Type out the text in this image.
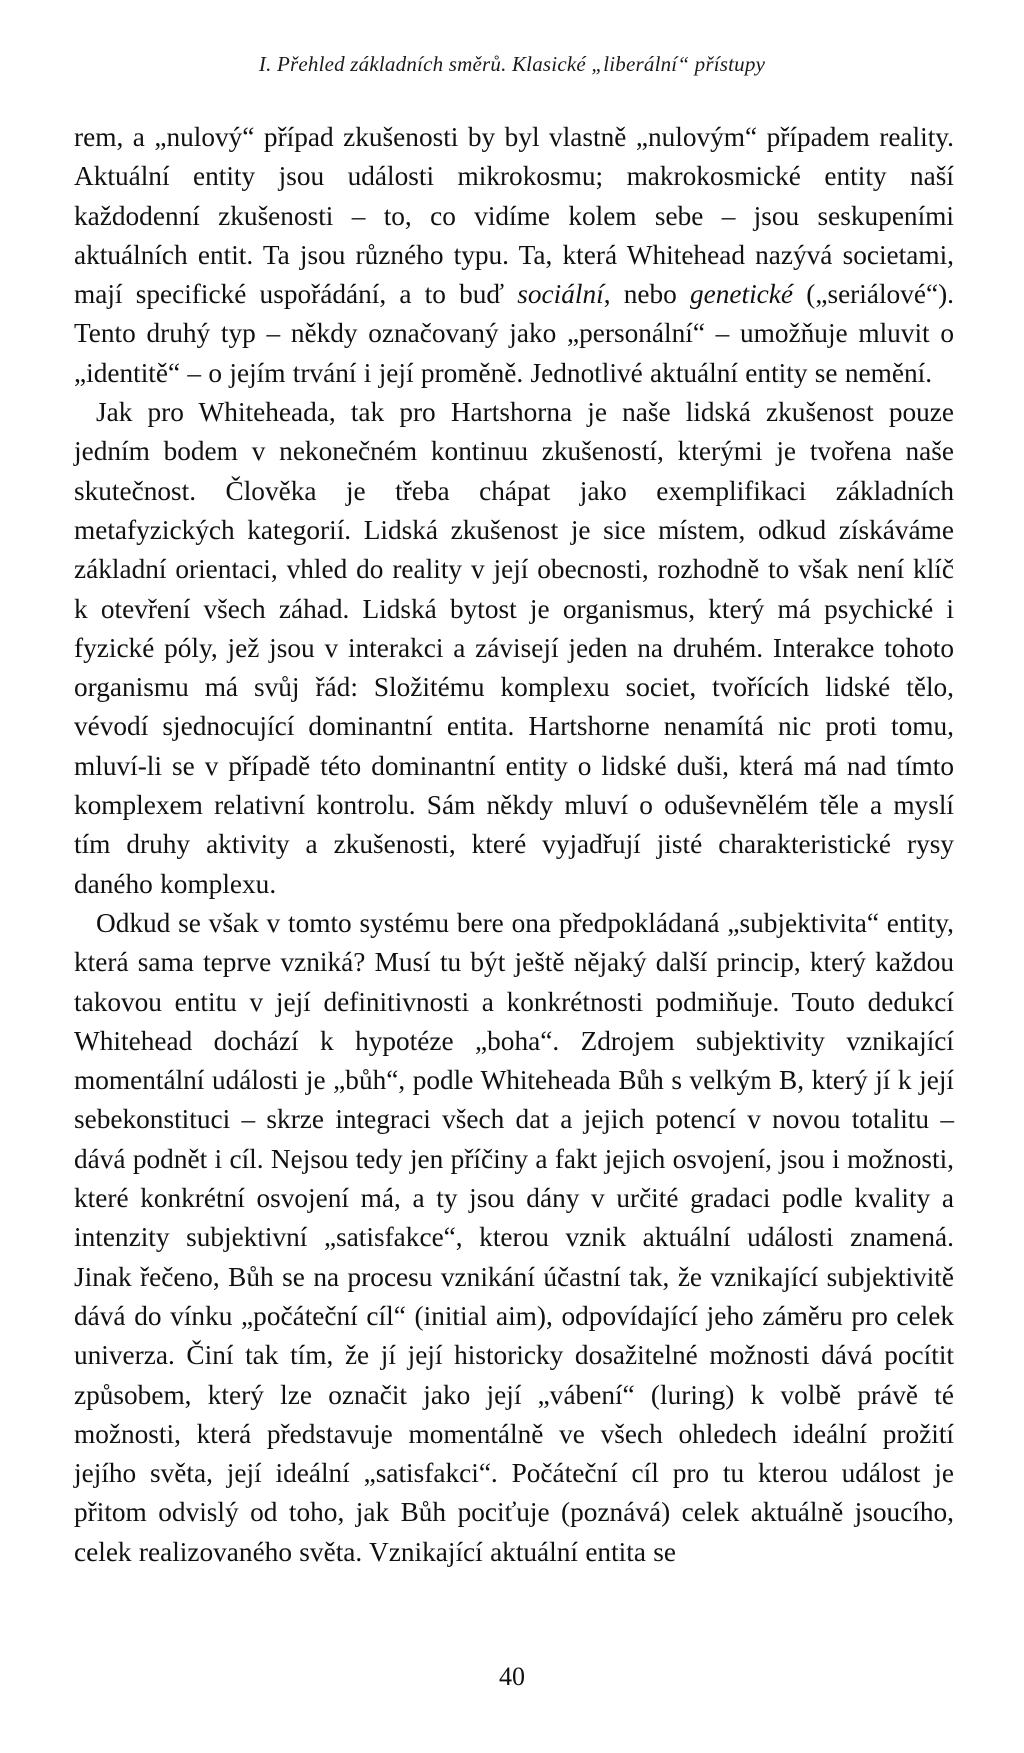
I. Přehled základních směrů. Klasické „liberální“ přístupy

rem, a „nulový“ případ zkušenosti by byl vlastně „nulovým“ případem reality. Aktuální entity jsou události mikrokosmu; makrokosmické entity naší každodenní zkušenosti – to, co vidíme kolem sebe – jsou seskupeními aktuálních entit. Ta jsou různého typu. Ta, která Whitehead nazývá societami, mají specifické uspořádání, a to buď sociální, nebo genetické („seriálové“). Tento druhý typ – někdy označovaný jako „personální“ – umožňuje mluvit o „identitě“ – o jejím trvání i její proměně. Jednotlivé aktuální entity se nemění.

Jak pro Whiteheada, tak pro Hartshorna je naše lidská zkušenost pouze jedním bodem v nekonečném kontinuu zkušeností, kterými je tvořena naše skutečnost. Člověka je třeba chápat jako exemplifikaci základních metafyzických kategorií. Lidská zkušenost je sice místem, odkud získáváme základní orientaci, vhled do reality v její obecnosti, rozhodně to však není klíč k otevření všech záhad. Lidská bytost je organismus, který má psychické i fyzické póly, jež jsou v interakci a závisejí jeden na druhém. Interakce tohoto organismu má svůj řád: Složitému komplexu societ, tvořících lidské tělo, vévodí sjednocující dominantní entita. Hartshorne nenamítá nic proti tomu, mluví-li se v případě této dominantní entity o lidské duši, která má nad tímto komplexem relativní kontrolu. Sám někdy mluví o oduševnělém těle a myslí tím druhy aktivity a zkušenosti, které vyjadřují jisté charakteristické rysy daného komplexu.

Odkud se však v tomto systému bere ona předpokládaná „subjektivita“ entity, která sama teprve vzniká? Musí tu být ještě nějaký další princip, který každou takovou entitu v její definitivnosti a konkrétnosti podmiňuje. Touto dedukcí Whitehead dochází k hypotéze „boha“. Zdrojem subjektivity vznikající momentální události je „bůh“, podle Whiteheada Bůh s velkým B, který jí k její sebekonstituci – skrze integraci všech dat a jejich potencí v novou totalitu – dává podnět i cíl. Nejsou tedy jen příčiny a fakt jejich osvojení, jsou i možnosti, které konkrétní osvojení má, a ty jsou dány v určité gradaci podle kvality a intenzity subjektivní „satisfakce“, kterou vznik aktuální události znamená. Jinak řečeno, Bůh se na procesu vznikání účastní tak, že vznikající subjektivitě dává do vínku „počáteční cíl“ (initial aim), odpovídající jeho záměru pro celek univerza. Činí tak tím, že jí její historicky dosažitelné možnosti dává pocítit způsobem, který lze označit jako její „vábení“ (luring) k volbě právě té možnosti, která představuje momentálně ve všech ohledech ideální prožití jejího světa, její ideální „satisfakci“. Počáteční cíl pro tu kterou událost je přitom odvislý od toho, jak Bůh pociťuje (poznává) celek aktuálně jsoucího, celek realizovaného světa. Vznikající aktuální entita se

40
